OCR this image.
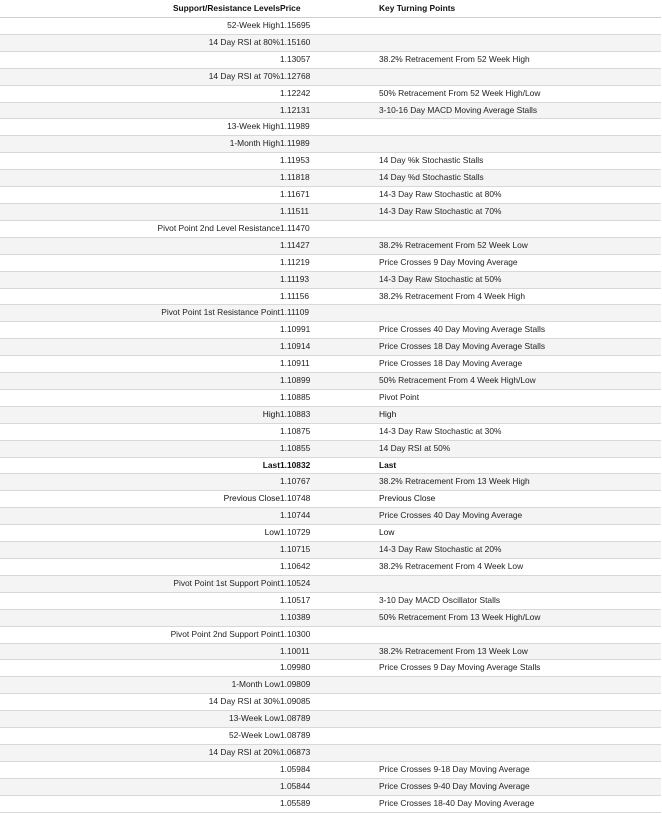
Support/Resistance Levels	Price	Key Turning Points
52-Week High	1.15695	
14 Day RSI at 80%	1.15160	
	1.13057	38.2% Retracement From 52 Week High
14 Day RSI at 70%	1.12768	
	1.12242	50% Retracement From 52 Week High/Low
	1.12131	3-10-16 Day MACD Moving Average Stalls
13-Week High	1.11989	
1-Month High	1.11989	
	1.11953	14 Day %k Stochastic Stalls
	1.11818	14 Day %d Stochastic Stalls
	1.11671	14-3 Day Raw Stochastic at 80%
	1.11511	14-3 Day Raw Stochastic at 70%
Pivot Point 2nd Level Resistance	1.11470	
	1.11427	38.2% Retracement From 52 Week Low
	1.11219	Price Crosses 9 Day Moving Average
	1.11193	14-3 Day Raw Stochastic at 50%
	1.11156	38.2% Retracement From 4 Week High
Pivot Point 1st Resistance Point	1.11109	
	1.10991	Price Crosses 40 Day Moving Average Stalls
	1.10914	Price Crosses 18 Day Moving Average Stalls
	1.10911	Price Crosses 18 Day Moving Average
	1.10899	50% Retracement From 4 Week High/Low
	1.10885	Pivot Point
High	1.10883	High
	1.10875	14-3 Day Raw Stochastic at 30%
	1.10855	14 Day RSI at 50%
Last	1.10832	Last
	1.10767	38.2% Retracement From 13 Week High
Previous Close	1.10748	Previous Close
	1.10744	Price Crosses 40 Day Moving Average
Low	1.10729	Low
	1.10715	14-3 Day Raw Stochastic at 20%
	1.10642	38.2% Retracement From 4 Week Low
Pivot Point 1st Support Point	1.10524	
	1.10517	3-10 Day MACD Oscillator Stalls
	1.10389	50% Retracement From 13 Week High/Low
Pivot Point 2nd Support Point	1.10300	
	1.10011	38.2% Retracement From 13 Week Low
	1.09980	Price Crosses 9 Day Moving Average Stalls
1-Month Low	1.09809	
14 Day RSI at 30%	1.09085	
13-Week Low	1.08789	
52-Week Low	1.08789	
14 Day RSI at 20%	1.06873	
	1.05984	Price Crosses 9-18 Day Moving Average
	1.05844	Price Crosses 9-40 Day Moving Average
	1.05589	Price Crosses 18-40 Day Moving Average
